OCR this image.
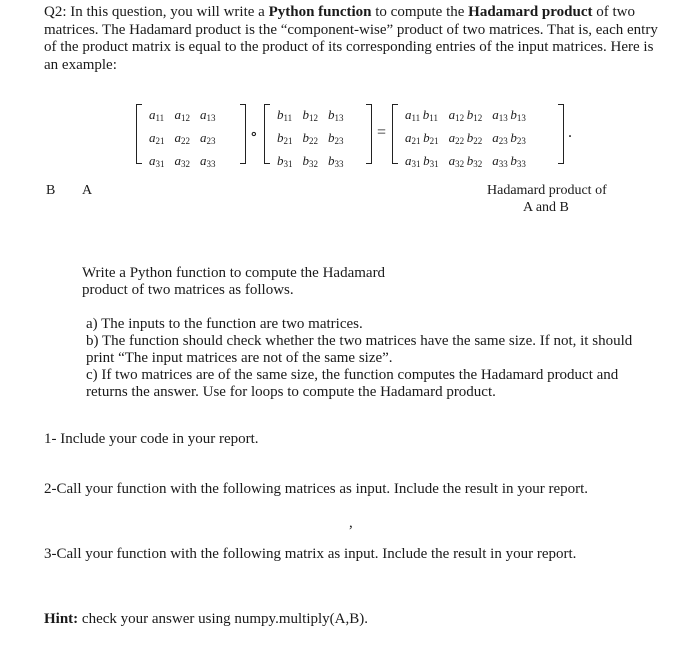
Q2: In this question, you will write a Python function to compute the Hadamard product of two matrices. The Hadamard product is the “component-wise” product of two matrices. That is, each entry of the product matrix is equal to the product of its corresponding entries of the input matrices. Here is an example:
$a_{11}$	$a_{12}$	$a_{13}$
$a_{21}$	$a_{22}$	$a_{23}$
$a_{31}$	$a_{32}$	$a_{33}$
∘
$b_{11}$	$b_{12}$	$b_{13}$
$b_{21}$	$b_{22}$	$b_{23}$
$b_{31}$	$b_{32}$	$b_{33}$
=
$a_{11}$  $b_{11}$	$a_{12}$  $b_{12}$	$a_{13}$  $b_{13}$
$a_{21}$  $b_{21}$	$a_{22}$  $b_{22}$	$a_{23}$  $b_{23}$
$a_{31}$  $b_{31}$	$a_{32}$  $b_{32}$	$a_{33}$  $b_{33}$
.
B A	Hadamard product of
A and B
Write a Python function to compute the Hadamard
product of two matrices as follows.
a) The inputs to the function are two matrices.
b) The function should check whether the two matrices have the same size. If not, it should print “The input matrices are not of the same size”.
c) If two matrices are of the same size, the function computes the Hadamard product and returns the answer. Use for loops to compute the Hadamard product.
1- Include your code in your report.
2-Call your function with the following matrices as input. Include the result in your report.
,
3-Call your function with the following matrix as input. Include the result in your report.
Hint: check your answer using numpy.multiply(A,B).
